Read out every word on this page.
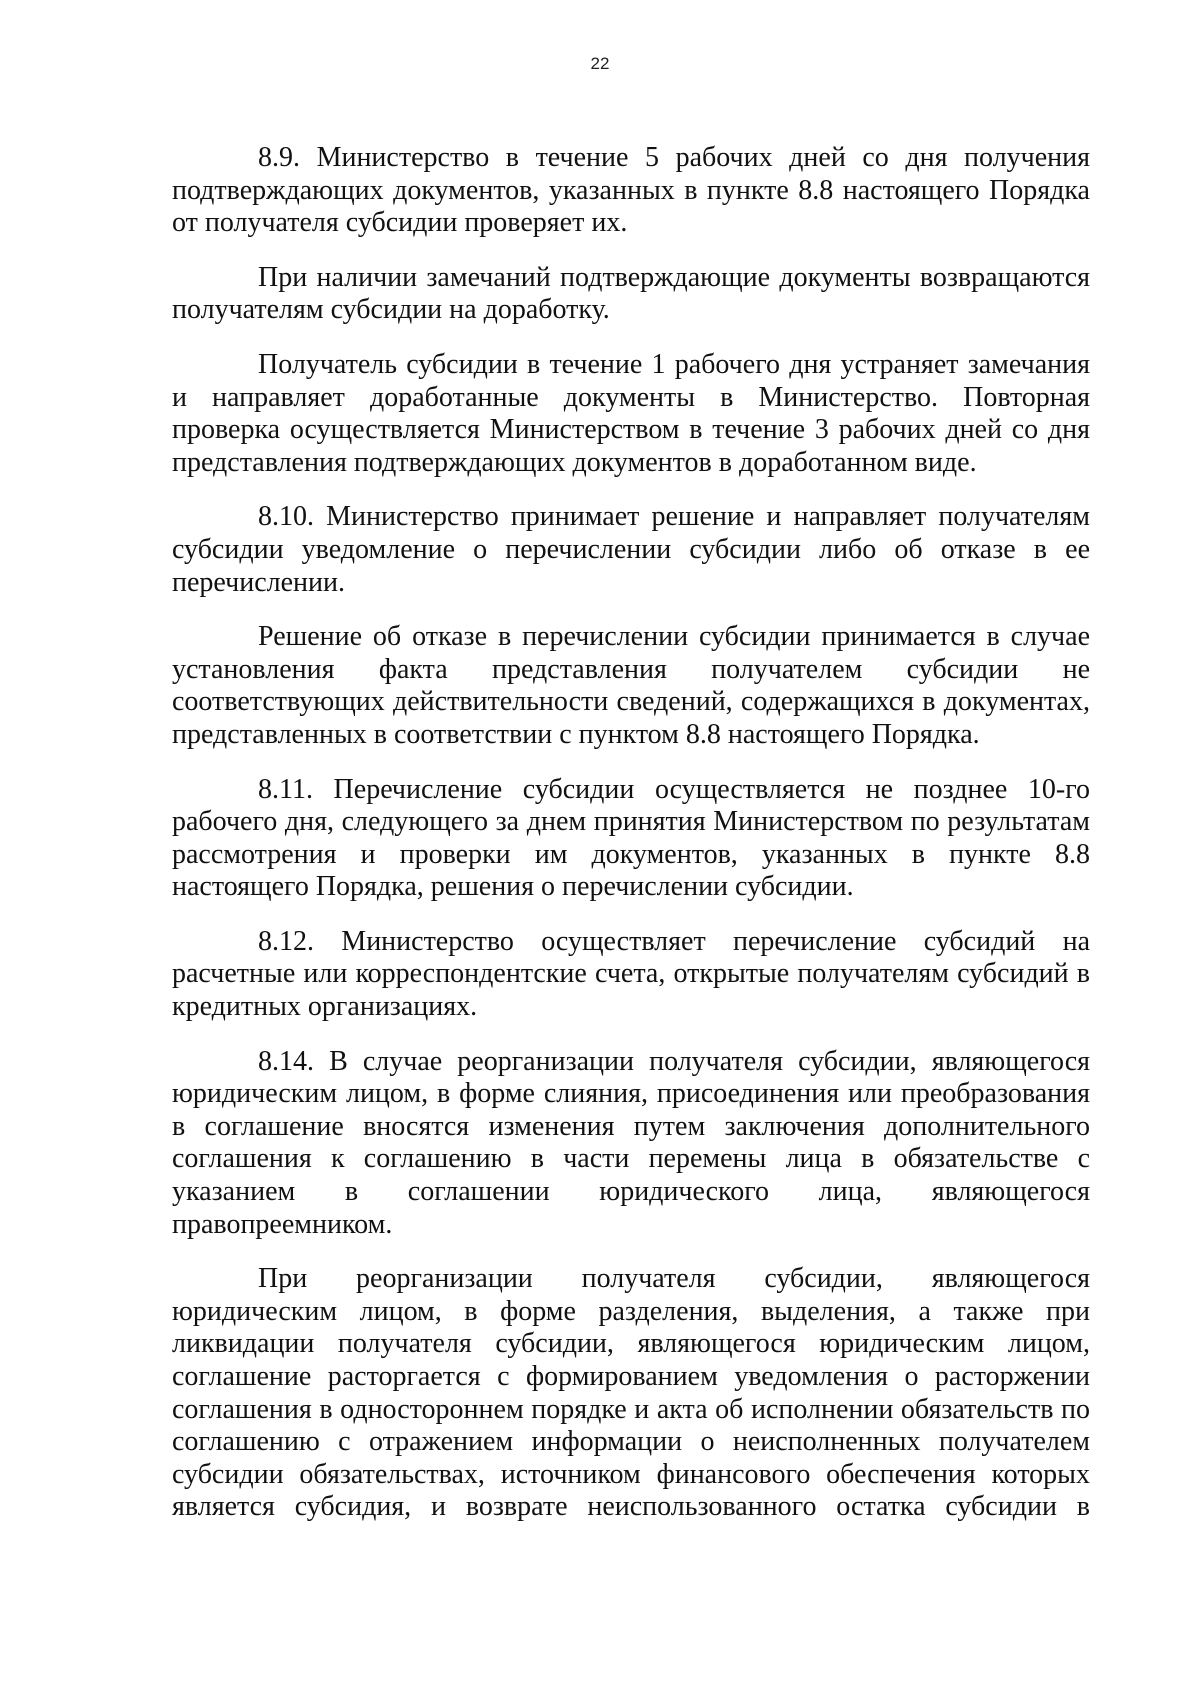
22

8.9. Министерство в течение 5 рабочих дней со дня получения подтверждающих документов, указанных в пункте 8.8 настоящего Порядка от получателя субсидии проверяет их.

При наличии замечаний подтверждающие документы возвращаются получателям субсидии на доработку.

Получатель субсидии в течение 1 рабочего дня устраняет замечания и направляет доработанные документы в Министерство. Повторная проверка осуществляется Министерством в течение 3 рабочих дней со дня представления подтверждающих документов в доработанном виде.

8.10. Министерство принимает решение и направляет получателям субсидии уведомление о перечислении субсидии либо об отказе в ее перечислении.

Решение об отказе в перечислении субсидии принимается в случае установления факта представления получателем субсидии не соответствующих действительности сведений, содержащихся в документах, представленных в соответствии с пунктом 8.8 настоящего Порядка.

8.11. Перечисление субсидии осуществляется не позднее 10-го рабочего дня, следующего за днем принятия Министерством по результатам рассмотрения и проверки им документов, указанных в пункте 8.8 настоящего Порядка, решения о перечислении субсидии.

8.12. Министерство осуществляет перечисление субсидий на расчетные или корреспондентские счета, открытые получателям субсидий в кредитных организациях.

8.14. В случае реорганизации получателя субсидии, являющегося юридическим лицом, в форме слияния, присоединения или преобразования в соглашение вносятся изменения путем заключения дополнительного соглашения к соглашению в части перемены лица в обязательстве с указанием в соглашении юридического лица, являющегося правопреемником.

При реорганизации получателя субсидии, являющегося юридическим лицом, в форме разделения, выделения, а также при ликвидации получателя субсидии, являющегося юридическим лицом, соглашение расторгается с формированием уведомления о расторжении соглашения в одностороннем порядке и акта об исполнении обязательств по соглашению с отражением информации о неисполненных получателем субсидии обязательствах, источником финансового обеспечения которых является субсидия, и возврате неиспользованного остатка субсидии в
